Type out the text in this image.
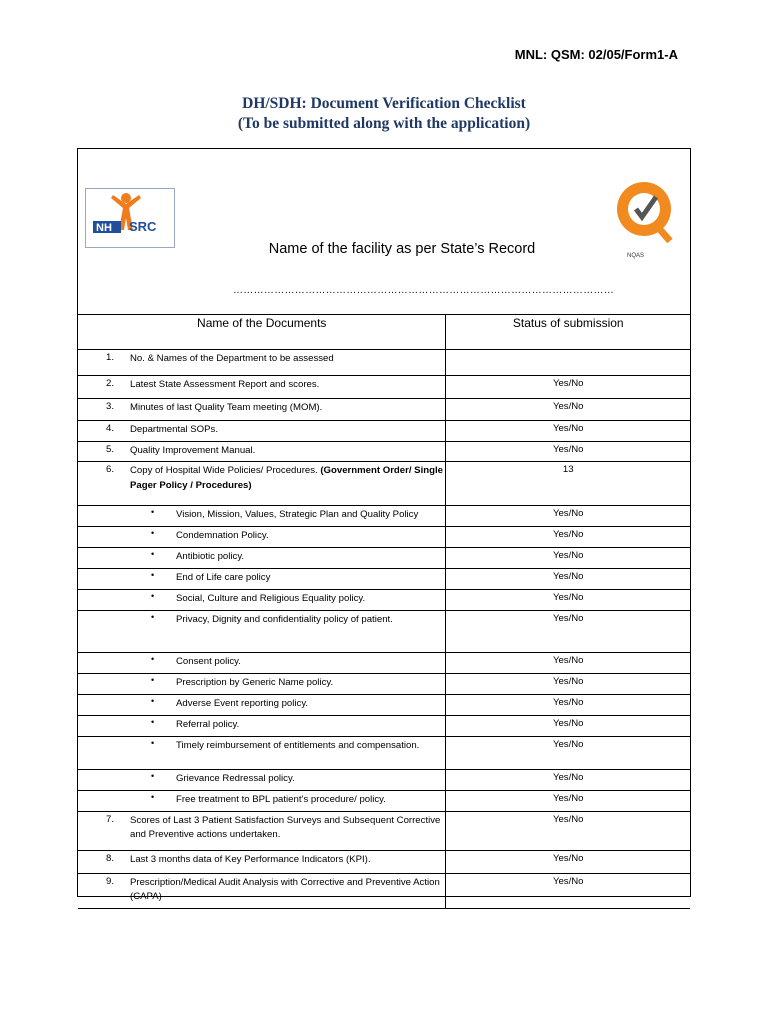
MNL: QSM: 02/05/Form1-A
DH/SDH: Document Verification Checklist
(To be submitted along with the application)
NH SRC
NQAS
Name of the facility as per State’s Record
…………………………………………………………………………………………………
Name of the Documents	Status of submission

1. No. & Names of the Department to be assessed	

2. Latest State Assessment Report and scores.	Yes/No

3. Minutes of last Quality Team meeting (MOM).	Yes/No

4. Departmental SOPs.	Yes/No

5. Quality Improvement Manual.	Yes/No

6. Copy of Hospital Wide Policies/ Procedures. (Government Order/ Single Pager Policy / Procedures)	13

• Vision, Mission, Values, Strategic Plan and Quality Policy	Yes/No

• Condemnation Policy.	Yes/No

• Antibiotic policy.	Yes/No

• End of Life care policy	Yes/No

• Social, Culture and Religious Equality policy.	Yes/No

• Privacy, Dignity and confidentiality policy of patient.	Yes/No

• Consent policy.	Yes/No

• Prescription by Generic Name policy.	Yes/No

• Adverse Event reporting policy.	Yes/No

• Referral policy.	Yes/No

• Timely reimbursement of entitlements and compensation.	Yes/No

• Grievance Redressal policy.	Yes/No

• Free treatment to BPL patient’s procedure/ policy.	Yes/No

7. Scores of Last 3 Patient Satisfaction Surveys and Subsequent Corrective and Preventive actions undertaken.	Yes/No

8. Last 3 months data of Key Performance Indicators (KPI).	Yes/No

9. Prescription/Medical Audit Analysis with Corrective and Preventive Action (CAPA)	Yes/No
